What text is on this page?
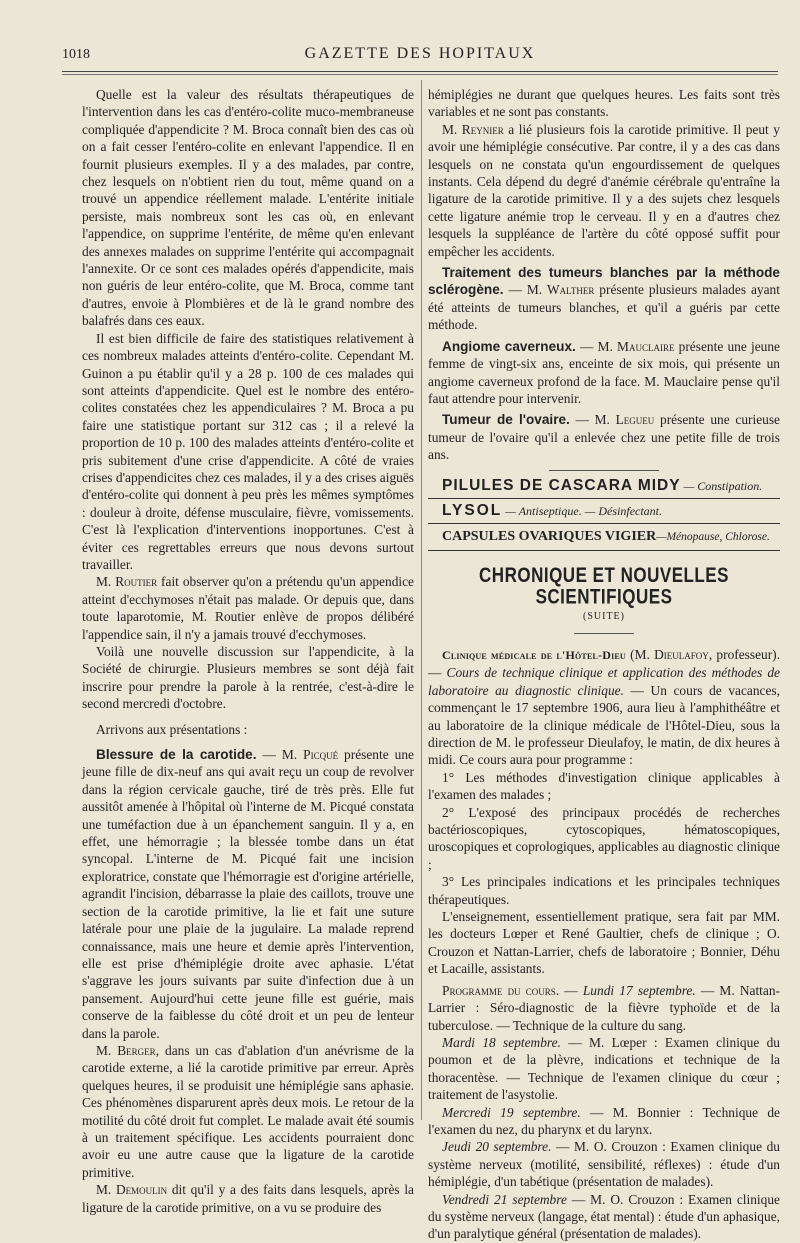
1018	GAZETTE DES HOPITAUX

Quelle est la valeur des résultats thérapeutiques de l'intervention dans les cas d'entéro-colite muco-membraneuse compliquée d'appendicite ? M. Broca connaît bien des cas où on a fait cesser l'entéro-colite en enlevant l'appendice. Il en fournit plusieurs exemples. Il y a des malades, par contre, chez lesquels on n'obtient rien du tout, même quand on a trouvé un appendice réellement malade. L'entérite initiale persiste, mais nombreux sont les cas où, en enlevant l'appendice, on supprime l'entérite, de même qu'en enlevant des annexes malades on supprime l'entérite qui accompagnait l'annexite. Or ce sont ces malades opérés d'appendicite, mais non guéris de leur entéro-colite, que M. Broca, comme tant d'autres, envoie à Plombières et de là le grand nombre des balafrés dans ces eaux.

Il est bien difficile de faire des statistiques relativement à ces nombreux malades atteints d'entéro-colite. Cependant M. Guinon a pu établir qu'il y a 28 p. 100 de ces malades qui sont atteints d'appendicite. Quel est le nombre des entéro-colites constatées chez les appendiculaires ? M. Broca a pu faire une statistique portant sur 312 cas ; il a relevé la proportion de 10 p. 100 des malades atteints d'entéro-colite et pris subitement d'une crise d'appendicite. A côté de vraies crises d'appendicites chez ces malades, il y a des crises aiguës d'entéro-colite qui donnent à peu près les mêmes symptômes : douleur à droite, défense musculaire, fièvre, vomissements. C'est là l'explication d'interventions inopportunes. C'est à éviter ces regrettables erreurs que nous devons surtout travailler.

M. Routier fait observer qu'on a prétendu qu'un appendice atteint d'ecchymoses n'était pas malade. Or depuis que, dans toute laparotomie, M. Routier enlève de propos délibéré l'appendice sain, il n'y a jamais trouvé d'ecchymoses.

Voilà une nouvelle discussion sur l'appendicite, à la Société de chirurgie. Plusieurs membres se sont déjà fait inscrire pour prendre la parole à la rentrée, c'est-à-dire le second mercredi d'octobre.

Arrivons aux présentations :

Blessure de la carotide. — M. Picqué présente une jeune fille de dix-neuf ans qui avait reçu un coup de revolver dans la région cervicale gauche, tiré de très près. Elle fut aussitôt amenée à l'hôpital où l'interne de M. Picqué constata une tuméfaction due à un épanchement sanguin. Il y a, en effet, une hémorragie ; la blessée tombe dans un état syncopal. L'interne de M. Picqué fait une incision exploratrice, constate que l'hémorragie est d'origine artérielle, agrandit l'incision, débarrasse la plaie des caillots, trouve une section de la carotide primitive, la lie et fait une suture latérale pour une plaie de la jugulaire. La malade reprend connaissance, mais une heure et demie après l'intervention, elle est prise d'hémiplégie droite avec aphasie. L'état s'aggrave les jours suivants par suite d'infection due à un pansement. Aujourd'hui cette jeune fille est guérie, mais conserve de la faiblesse du côté droit et un peu de lenteur dans la parole.

M. Berger, dans un cas d'ablation d'un anévrisme de la carotide externe, a lié la carotide primitive par erreur. Après quelques heures, il se produisit une hémiplégie sans aphasie. Ces phénomènes disparurent après deux mois. Le retour de la motilité du côté droit fut complet. Le malade avait été soumis à un traitement spécifique. Les accidents pourraient donc avoir eu une autre cause que la ligature de la carotide primitive.

M. Demoulin dit qu'il y a des faits dans lesquels, après la ligature de la carotide primitive, on a vu se produire des

hémiplégies ne durant que quelques heures. Les faits sont très variables et ne sont pas constants.

M. Reynier a lié plusieurs fois la carotide primitive. Il peut y avoir une hémiplégie consécutive. Par contre, il y a des cas dans lesquels on ne constata qu'un engourdissement de quelques instants. Cela dépend du degré d'anémie cérébrale qu'entraîne la ligature de la carotide primitive. Il y a des sujets chez lesquels cette ligature anémie trop le cerveau. Il y en a d'autres chez lesquels la suppléance de l'artère du côté opposé suffit pour empêcher les accidents.

Traitement des tumeurs blanches par la méthode sclérogène. — M. Walther présente plusieurs malades ayant été atteints de tumeurs blanches, et qu'il a guéris par cette méthode.

Angiome caverneux. — M. Mauclaire présente une jeune femme de vingt-six ans, enceinte de six mois, qui présente un angiome caverneux profond de la face. M. Mauclaire pense qu'il faut attendre pour intervenir.

Tumeur de l'ovaire. — M. Legueu présente une curieuse tumeur de l'ovaire qu'il a enlevée chez une petite fille de trois ans.

PILULES DE CASCARA MIDY — Constipation.

LYSOL — Antiseptique. — Désinfectant.

CAPSULES OVARIQUES VIGIER—Ménopause, Chlorose.

CHRONIQUE ET NOUVELLES SCIENTIFIQUES
(SUITE)

Clinique médicale de l'Hôtel-Dieu (M. Dieulafoy, professeur). — Cours de technique clinique et application des méthodes de laboratoire au diagnostic clinique. — Un cours de vacances, commençant le 17 septembre 1906, aura lieu à l'amphithéâtre et au laboratoire de la clinique médicale de l'Hôtel-Dieu, sous la direction de M. le professeur Dieulafoy, le matin, de dix heures à midi. Ce cours aura pour programme :

1° Les méthodes d'investigation clinique applicables à l'examen des malades ;

2° L'exposé des principaux procédés de recherches bactérioscopiques, cytoscopiques, hématoscopiques, uroscopiques et coprologiques, applicables au diagnostic clinique ;

3° Les principales indications et les principales techniques thérapeutiques.

L'enseignement, essentiellement pratique, sera fait par MM. les docteurs Lœper et René Gaultier, chefs de clinique ; O. Crouzon et Nattan-Larrier, chefs de laboratoire ; Bonnier, Déhu et Lacaille, assistants.

Programme du cours. — Lundi 17 septembre. — M. Nattan-Larrier : Séro-diagnostic de la fièvre typhoïde et de la tuberculose. — Technique de la culture du sang.

Mardi 18 septembre. — M. Lœper : Examen clinique du poumon et de la plèvre, indications et technique de la thoracentèse. — Technique de l'examen clinique du cœur ; traitement de l'asystolie.

Mercredi 19 septembre. — M. Bonnier : Technique de l'examen du nez, du pharynx et du larynx.

Jeudi 20 septembre. — M. O. Crouzon : Examen clinique du système nerveux (motilité, sensibilité, réflexes) : étude d'un hémiplégie, d'un tabétique (présentation de malades).

Vendredi 21 septembre — M. O. Crouzon : Examen clinique du système nerveux (langage, état mental) : étude d'un aphasique, d'un paralytique général (présentation de malades).
